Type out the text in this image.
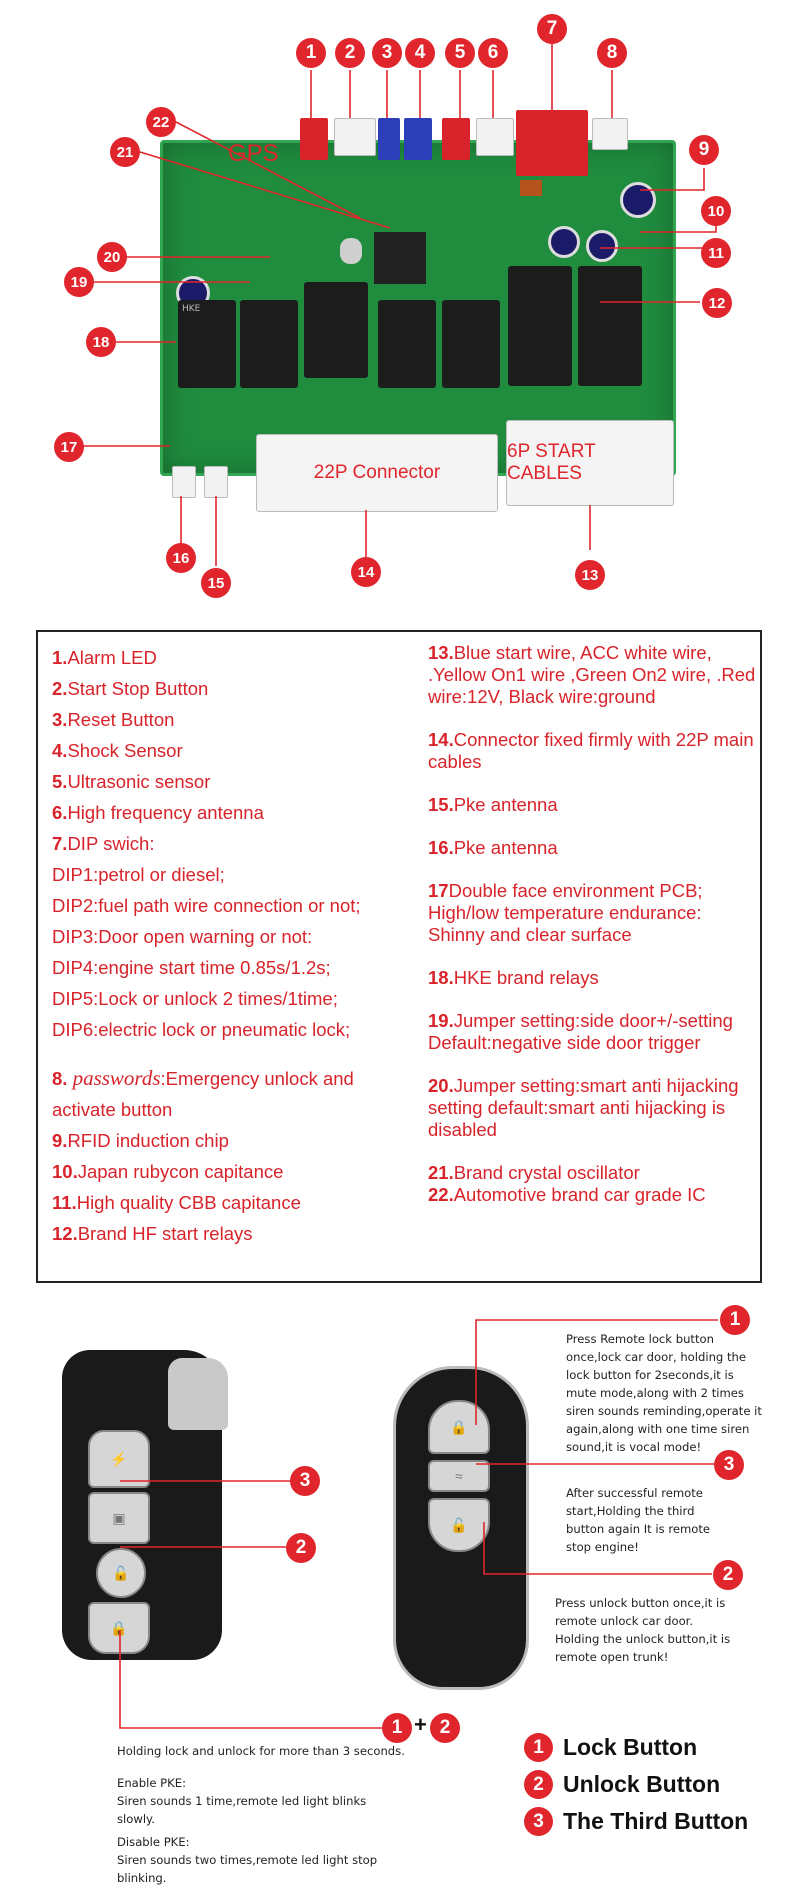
GPS
HKE
22P Connector
6P START CABLES
1	2	3	4	5	6
7
8
9
10
11
12
13
14
15
16
17
18
19
20
21
22
1.Alarm LED
2.Start Stop Button
3.Reset Button
4.Shock Sensor
5.Ultrasonic sensor
6.High frequency antenna
7.DIP swich:
DIP1:petrol or diesel;
DIP2:fuel path wire connection or not;
DIP3:Door open warning or not:
DIP4:engine start time 0.85s/1.2s;
DIP5:Lock or unlock 2 times/1time;
DIP6:electric lock or pneumatic lock;
8. passwords:Emergency unlock and
activate button
9.RFID induction chip
10.Japan rubycon capitance
11.High quality CBB capitance
12.Brand HF start relays
13.Blue start wire, ACC white wire, .Yellow On1 wire ,Green On2 wire, .Red wire:12V, Black wire:ground
14.Connector fixed firmly with 22P main cables
15.Pke antenna
16.Pke antenna
17Double face environment PCB; High/low temperature endurance: Shinny and clear surface
18.HKE brand relays
19.Jumper setting:side door+/-setting Default:negative side door trigger
20.Jumper setting:smart anti hijacking setting default:smart anti hijacking is disabled
21.Brand crystal oscillator
22.Automotive brand car grade IC
⚡
▣
🔓
🔒
🔒
≈
🔓
1
3
2
3
2
1 + 2
Press Remote lock button once,lock car door, holding the lock button for 2seconds,it is mute mode,along with 2 times siren sounds reminding,operate it again,along with one time siren sound,it is vocal mode!
After successful remote start,Holding the third button again It is remote stop engine!
Press unlock button once,it is remote unlock car door. Holding the unlock button,it is remote open trunk!
Holding lock and unlock for more than 3 seconds.
Enable PKE:
Siren sounds 1 time,remote led light blinks slowly.
Disable PKE:
Siren sounds two times,remote led light stop blinking.
1 Lock Button
2 Unlock Button
3 The Third Button
